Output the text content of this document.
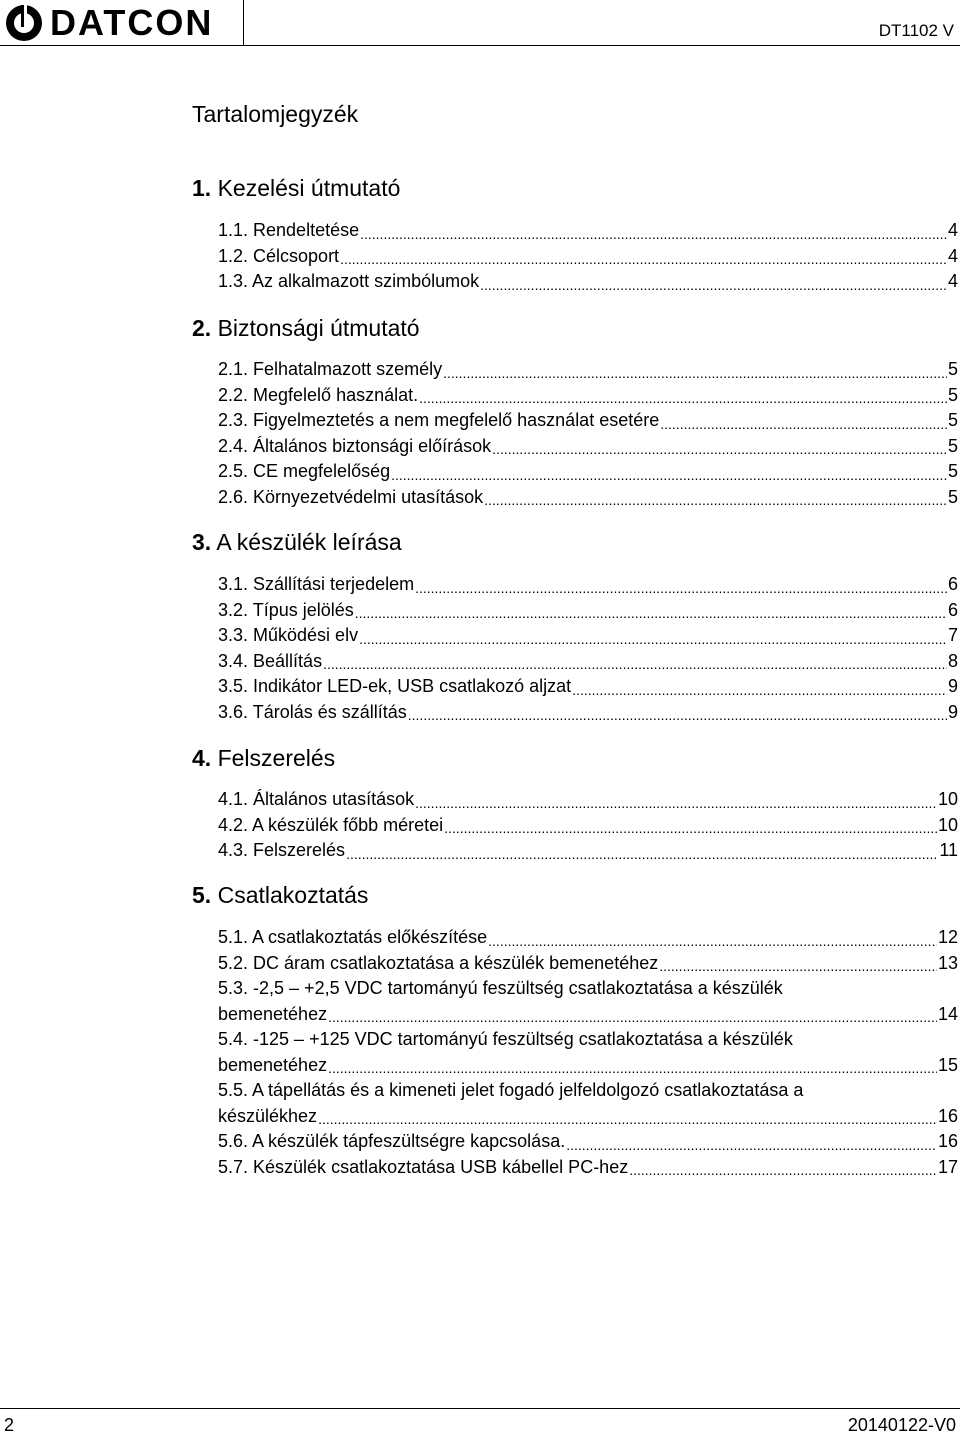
DATCON	DT1102 V
Tartalomjegyzék
1. Kezelési útmutató
1.1. Rendeltetése .....	4
1.2. Célcsoport .....	4
1.3. Az alkalmazott szimbólumok .....	4
2. Biztonsági útmutató
2.1. Felhatalmazott személy .....	5
2.2. Megfelelő használat. .....	5
2.3. Figyelmeztetés a nem megfelelő használat esetére .....	5
2.4. Általános biztonsági előírások .....	5
2.5. CE megfelelőség .....	5
2.6. Környezetvédelmi utasítások .....	5
3. A készülék leírása
3.1. Szállítási terjedelem .....	6
3.2. Típus jelölés .....	6
3.3. Működési elv .....	7
3.4. Beállítás .....	8
3.5. Indikátor LED-ek, USB csatlakozó aljzat .....	9
3.6. Tárolás és szállítás .....	9
4. Felszerelés
4.1. Általános utasítások .....	10
4.2. A készülék főbb méretei .....	10
4.3. Felszerelés .....	11
5. Csatlakoztatás
5.1. A csatlakoztatás előkészítése .....	12
5.2. DC áram csatlakoztatása a készülék bemenetéhez .....	13
5.3. -2,5 – +2,5 VDC tartományú feszültség csatlakoztatása a készülék
bemenetéhez .....	14
5.4. -125 – +125 VDC tartományú feszültség csatlakoztatása a készülék
bemenetéhez .....	15
5.5. A tápellátás és a kimeneti jelet fogadó jelfeldolgozó csatlakoztatása a
készülékhez .....	16
5.6. A készülék tápfeszültségre kapcsolása. .....	16
5.7. Készülék csatlakoztatása USB kábellel PC-hez .....	17
2	20140122-V0
